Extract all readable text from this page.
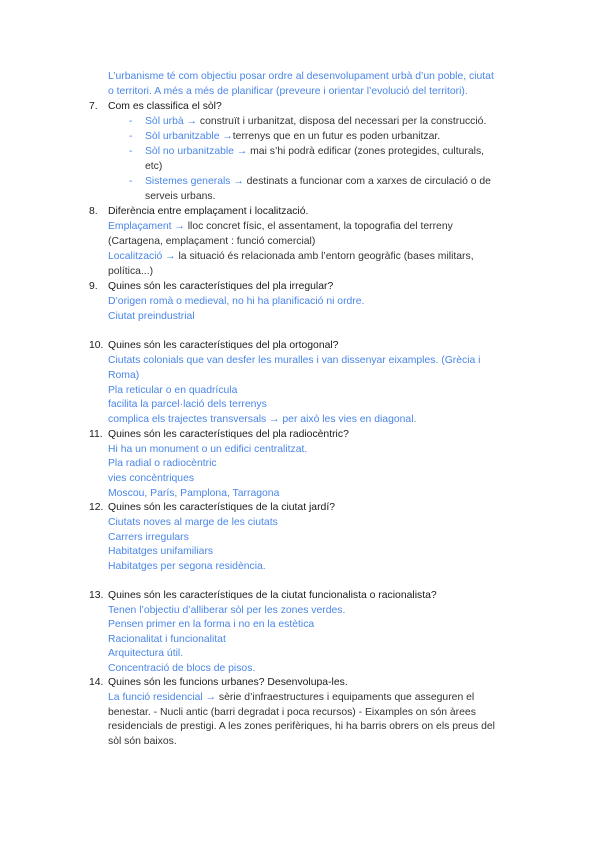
L’urbanisme té com objectiu posar ordre al desenvolupament urbà d’un poble, ciutat
o territori. A més a més de planificar (preveure i orientar l’evolució del territori).
7. Com es classifica el sòl?
- Sòl urbà → construït i urbanitzat, disposa del necessari per la construcció.
- Sòl urbanitzable →terrenys que en un futur es poden urbanitzar.
- Sòl no urbanitzable → mai s’hi podrà edificar (zones protegides, culturals,
etc)
- Sistemes generals → destinats a funcionar com a xarxes de circulació o de
serveis urbans.
8. Diferència entre emplaçament i localització.
Emplaçament → lloc concret físic, el assentament, la topografia del terreny
(Cartagena, emplaçament : funció comercial)
Localització → la situació és relacionada amb l’entorn geogràfic (bases militars,
política...)
9. Quines són les característiques del pla irregular?
D’origen romà o medieval, no hi ha planificació ni ordre.
Ciutat preindustrial
10. Quines són les característiques del pla ortogonal?
Ciutats colonials que van desfer les muralles i van dissenyar eixamples. (Grècia i
Roma)
Pla reticular o en quadrícula
facilita la parcel·lació dels terrenys
complica els trajectes transversals → per això les vies en diagonal.
11. Quines són les característiques del pla radiocèntric?
Hi ha un monument o un edifici centralitzat.
Pla radial o radiocèntric
vies concèntriques
Moscou, París, Pamplona, Tarragona
12. Quines són les característiques de la ciutat jardí?
Ciutats noves al marge de les ciutats
Carrers irregulars
Habitatges unifamiliars
Habitatges per segona residència.
13. Quines són les característiques de la ciutat funcionalista o racionalista?
Tenen l’objectiu d’alliberar sòl per les zones verdes.
Pensen primer en la forma i no en la estètica
Racionalitat i funcionalitat
Arquitectura útil.
Concentració de blocs de pisos.
14. Quines són les funcions urbanes? Desenvolupa-les.
La funció residencial → sèrie d’infraestructures i equipaments que asseguren el
benestar. - Nucli antic (barri degradat i poca recursos) - Eixamples on són àrees
residencials de prestigi. A les zones perifèriques, hi ha barris obrers on els preus del
sòl són baixos.
